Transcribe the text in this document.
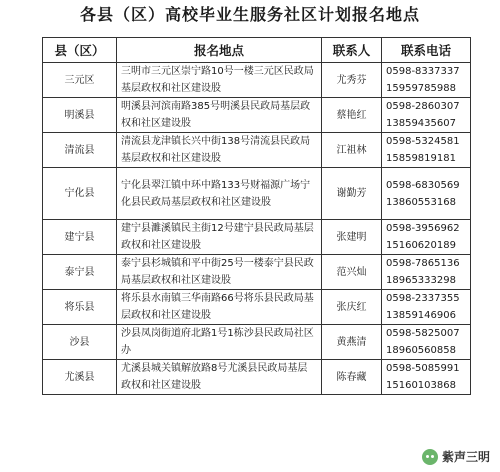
各县（区）高校毕业生服务社区计划报名地点
县（区）	报名地点	联系人	联系电话
三元区	三明市三元区崇宁路10号一楼三元区民政局基层政权和社区建设股	尤秀芬	0598-8337337
15959785988

明溪县	明溪县河滨南路385号明溪县民政局基层政权和社区建设股	蔡艳红	0598-2860307
13859435607

清流县	清流县龙津镇长兴中街138号清流县民政局基层政权和社区建设股	江祖林	0598-5324581
15859819181

宁化县	宁化县翠江镇中环中路133号财福源广场宁化县民政局基层政权和社区建设股	谢勤芳	0598-6830569
13860553168

建宁县	建宁县濉溪镇民主街12号建宁县民政局基层政权和社区建设股	张建明	0598-3956962
15160620189

泰宁县	泰宁县杉城镇和平中街25号一楼泰宁县民政局基层政权和社区建设股	范兴灿	0598-7865136
18965333298

将乐县	将乐县水南镇三华南路66号将乐县民政局基层政权和社区建设股	张庆红	0598-2337355
13859146906

沙县	沙县凤岗街道府北路1号1栋沙县民政局社区办	黄燕清	0598-5825007
18960560858

尤溪县	尤溪县城关镇解放路8号尤溪县民政局基层政权和社区建设股	陈春藏	0598-5085991
15160103868
紫声三明
